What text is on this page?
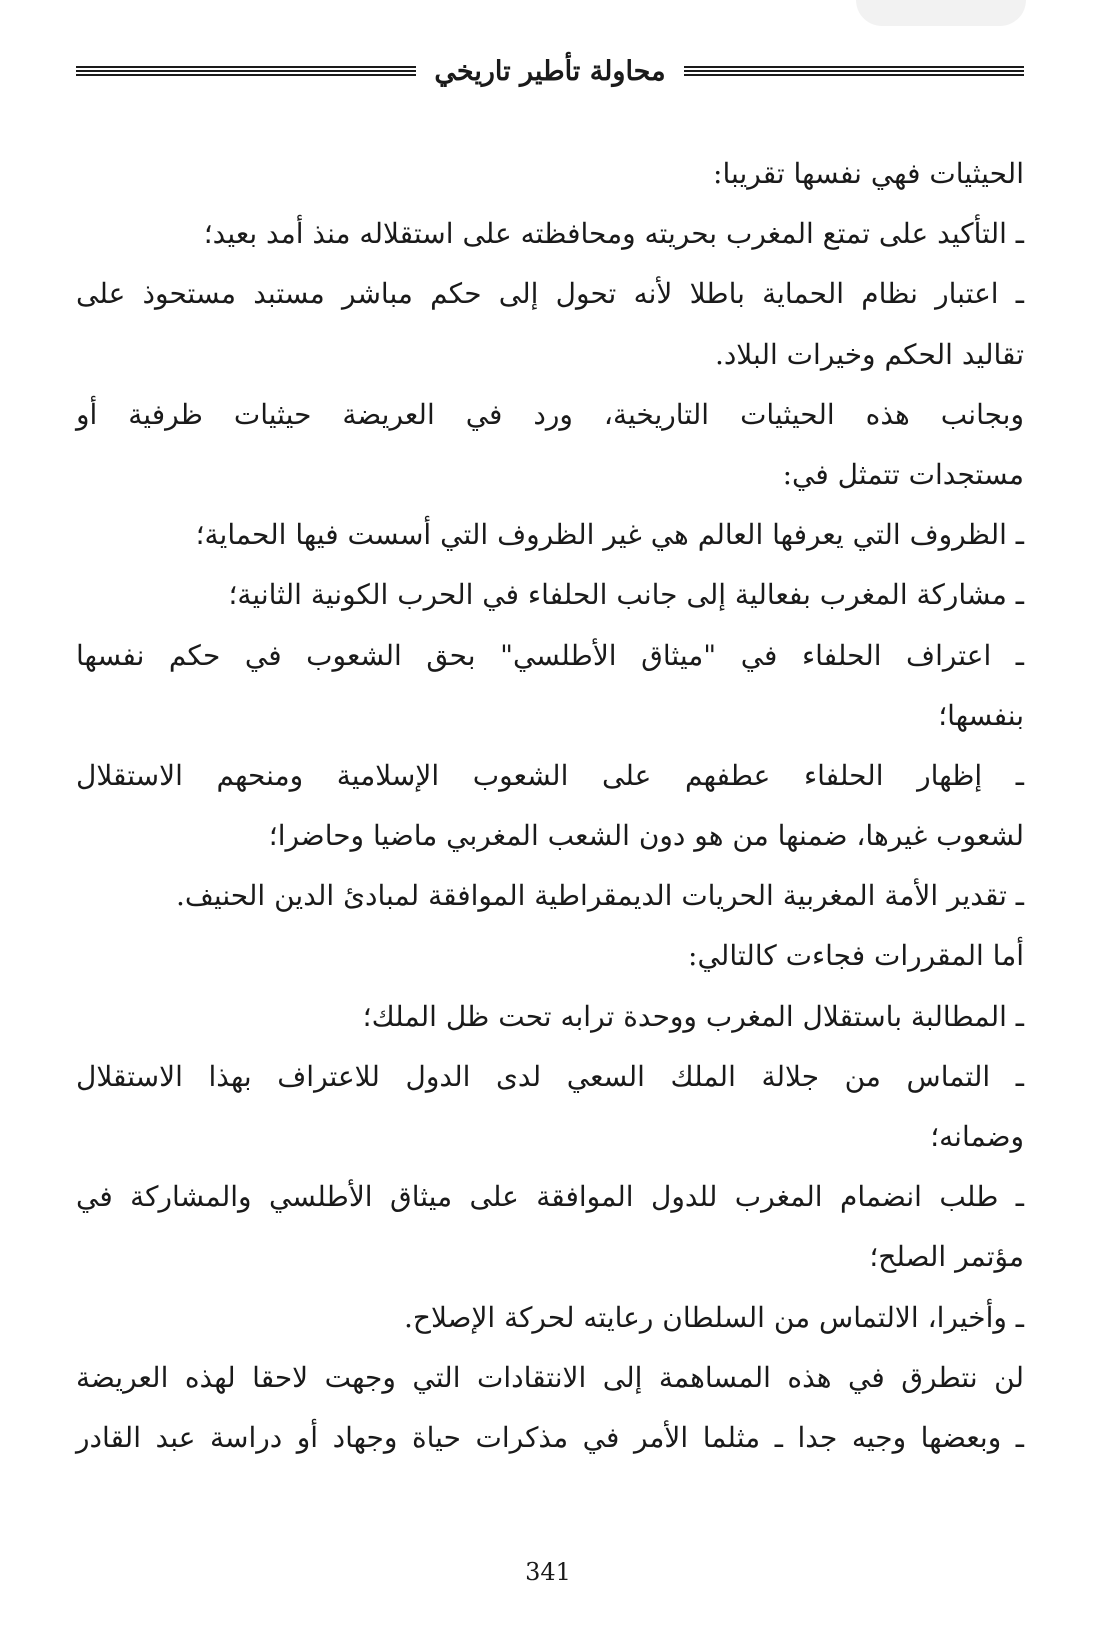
محاولة تأطير تاريخي
الحيثيات فهي نفسها تقريبا:
ـ التأكيد على تمتع المغرب بحريته ومحافظته على استقلاله منذ أمد بعيد؛
ـ اعتبار نظام الحماية باطلا لأنه تحول إلى حكم مباشر مستبد مستحوذ على
تقاليد الحكم وخيرات البلاد.
وبجانب هذه الحيثيات التاريخية، ورد في العريضة حيثيات ظرفية أو
مستجدات تتمثل في:
ـ الظروف التي يعرفها العالم هي غير الظروف التي أسست فيها الحماية؛
ـ مشاركة المغرب بفعالية إلى جانب الحلفاء في الحرب الكونية الثانية؛
ـ اعتراف الحلفاء في "ميثاق الأطلسي" بحق الشعوب في حكم نفسها
بنفسها؛
ـ إظهار الحلفاء عطفهم على الشعوب الإسلامية ومنحهم الاستقلال
لشعوب غيرها، ضمنها من هو دون الشعب المغربي ماضيا وحاضرا؛
ـ تقدير الأمة المغربية الحريات الديمقراطية الموافقة لمبادئ الدين الحنيف.
أما المقررات فجاءت كالتالي:
ـ المطالبة باستقلال المغرب ووحدة ترابه تحت ظل الملك؛
ـ التماس من جلالة الملك السعي لدى الدول للاعتراف بهذا الاستقلال
وضمانه؛
ـ طلب انضمام المغرب للدول الموافقة على ميثاق الأطلسي والمشاركة في
مؤتمر الصلح؛
ـ وأخيرا، الالتماس من السلطان رعايته لحركة الإصلاح.
لن نتطرق في هذه المساهمة إلى الانتقادات التي وجهت لاحقا لهذه العريضة
ـ وبعضها وجيه جدا ـ مثلما الأمر في مذكرات حياة وجهاد أو دراسة عبد القادر
341
